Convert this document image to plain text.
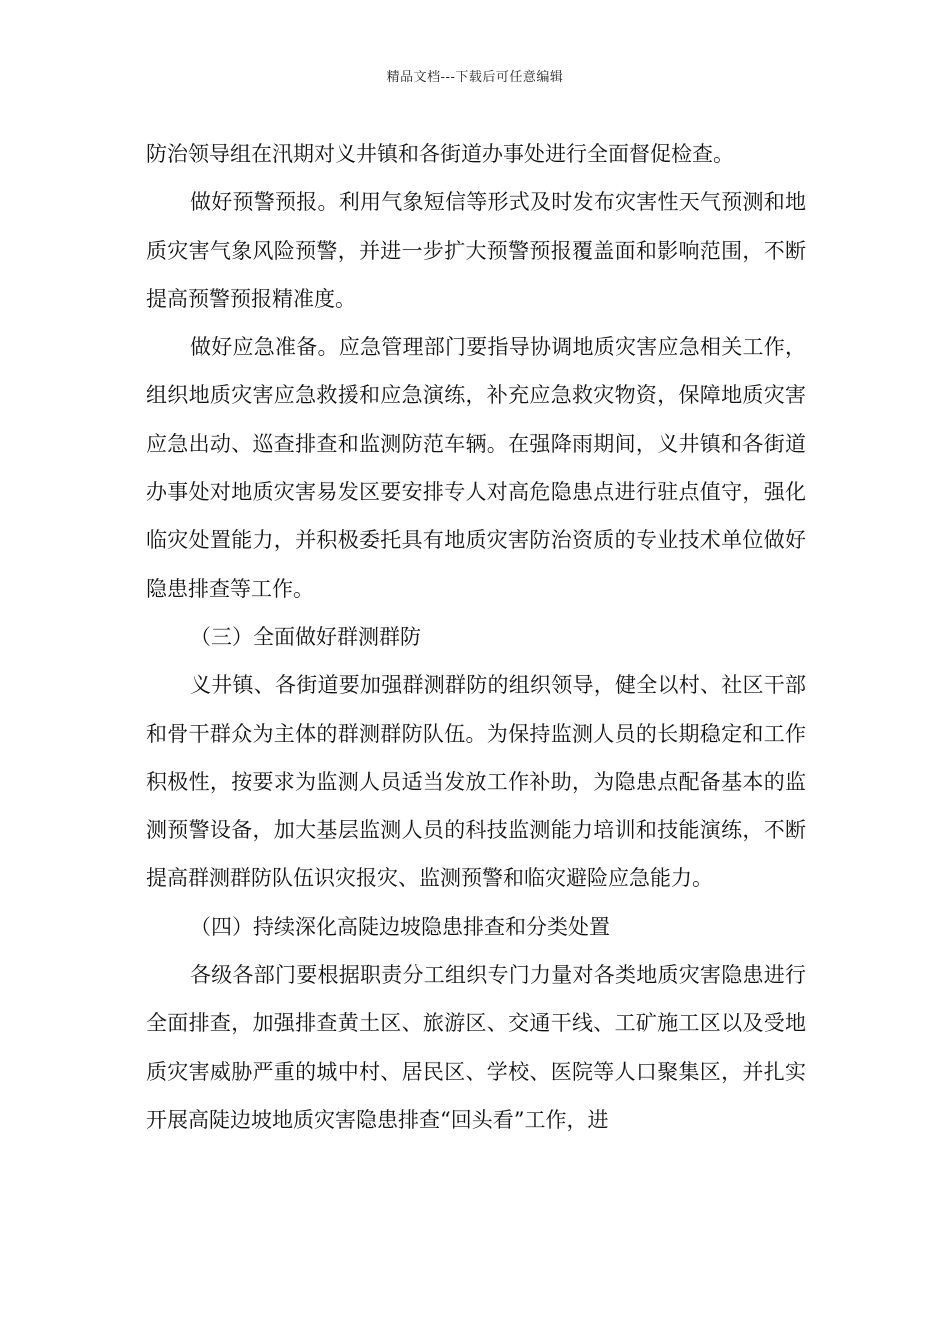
精品文档---下载后可任意编辑

防治领导组在汛期对义井镇和各街道办事处进行全面督促检查。

做好预警预报。利用气象短信等形式及时发布灾害性天气预测和地质灾害气象风险预警，并进一步扩大预警预报覆盖面和影响范围，不断提高预警预报精准度。

做好应急准备。应急管理部门要指导协调地质灾害应急相关工作，组织地质灾害应急救援和应急演练，补充应急救灾物资，保障地质灾害应急出动、巡查排查和监测防范车辆。在强降雨期间，义井镇和各街道办事处对地质灾害易发区要安排专人对高危隐患点进行驻点值守，强化临灾处置能力，并积极委托具有地质灾害防治资质的专业技术单位做好隐患排查等工作。

（三）全面做好群测群防

义井镇、各街道要加强群测群防的组织领导，健全以村、社区干部和骨干群众为主体的群测群防队伍。为保持监测人员的长期稳定和工作积极性，按要求为监测人员适当发放工作补助，为隐患点配备基本的监测预警设备，加大基层监测人员的科技监测能力培训和技能演练，不断提高群测群防队伍识灾报灾、监测预警和临灾避险应急能力。

（四）持续深化高陡边坡隐患排查和分类处置

各级各部门要根据职责分工组织专门力量对各类地质灾害隐患进行全面排查，加强排查黄土区、旅游区、交通干线、工矿施工区以及受地质灾害威胁严重的城中村、居民区、学校、医院等人口聚集区，并扎实开展高陡边坡地质灾害隐患排查“回头看”工作，进
